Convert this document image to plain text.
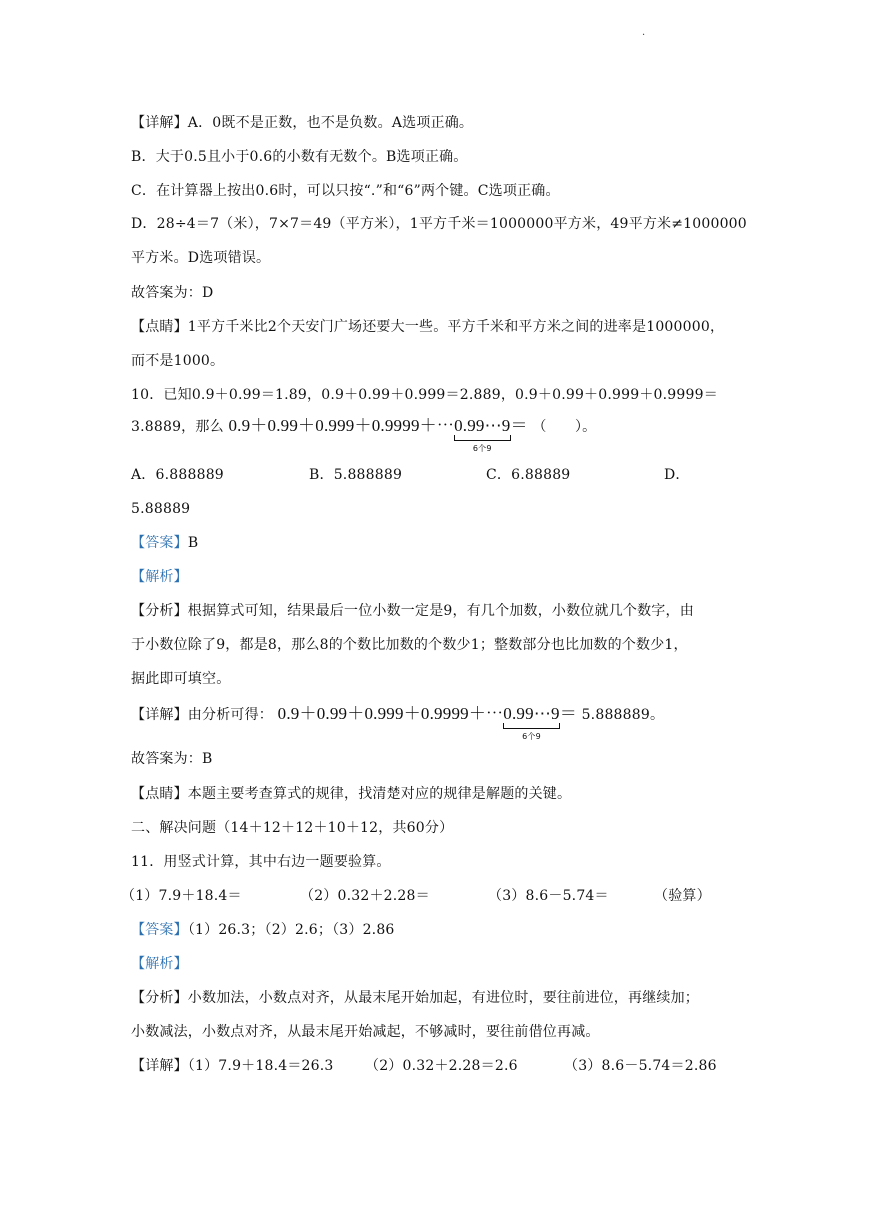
·
【详解】A．0既不是正数，也不是负数。A选项正确。
B．大于0.5且小于0.6的小数有无数个。B选项正确。
C．在计算器上按出0.6时，可以只按“.”和“6”两个键。C选项正确。
D．28÷4＝7（米），7×7＝49（平方米），1平方千米＝1000000平方米，49平方米≠1000000
平方米。D选项错误。
故答案为：D
【点睛】1平方千米比2个天安门广场还要大一些。平方千米和平方米之间的进率是1000000，
而不是1000。
10．已知0.9＋0.99＝1.89，0.9＋0.99＋0.999＝2.889，0.9＋0.99＋0.999＋0.9999＝
3.8889，那么 0.9＋0.99＋0.999＋0.9999＋⋯0.99⋯9
6个9
＝ （　　）。
A．6.888889	B．5.888889	C．6.88889	D．
5.88889
【答案】B
【解析】
【分析】根据算式可知，结果最后一位小数一定是9，有几个加数，小数位就几个数字，由
于小数位除了9，都是8，那么8的个数比加数的个数少1；整数部分也比加数的个数少1，
据此即可填空。
【详解】由分析可得： 0.9＋0.99＋0.999＋0.9999＋⋯0.99⋯9
6个9
＝ 5.888889。
故答案为：B
【点睛】本题主要考查算式的规律，找清楚对应的规律是解题的关键。
二、解决问题（14＋12＋12＋10＋12，共60分）
11．用竖式计算，其中右边一题要验算。
（1）7.9＋18.4＝	（2）0.32＋2.28＝	（3）8.6－5.74＝	（验算）
【答案】（1）26.3；（2）2.6；（3）2.86
【解析】
【分析】小数加法，小数点对齐，从最末尾开始加起，有进位时，要往前进位，再继续加；
小数减法，小数点对齐，从最末尾开始减起，不够减时，要往前借位再减。
【详解】（1）7.9＋18.4＝26.3 （2）0.32＋2.28＝2.6	（3）8.6－5.74＝2.86
